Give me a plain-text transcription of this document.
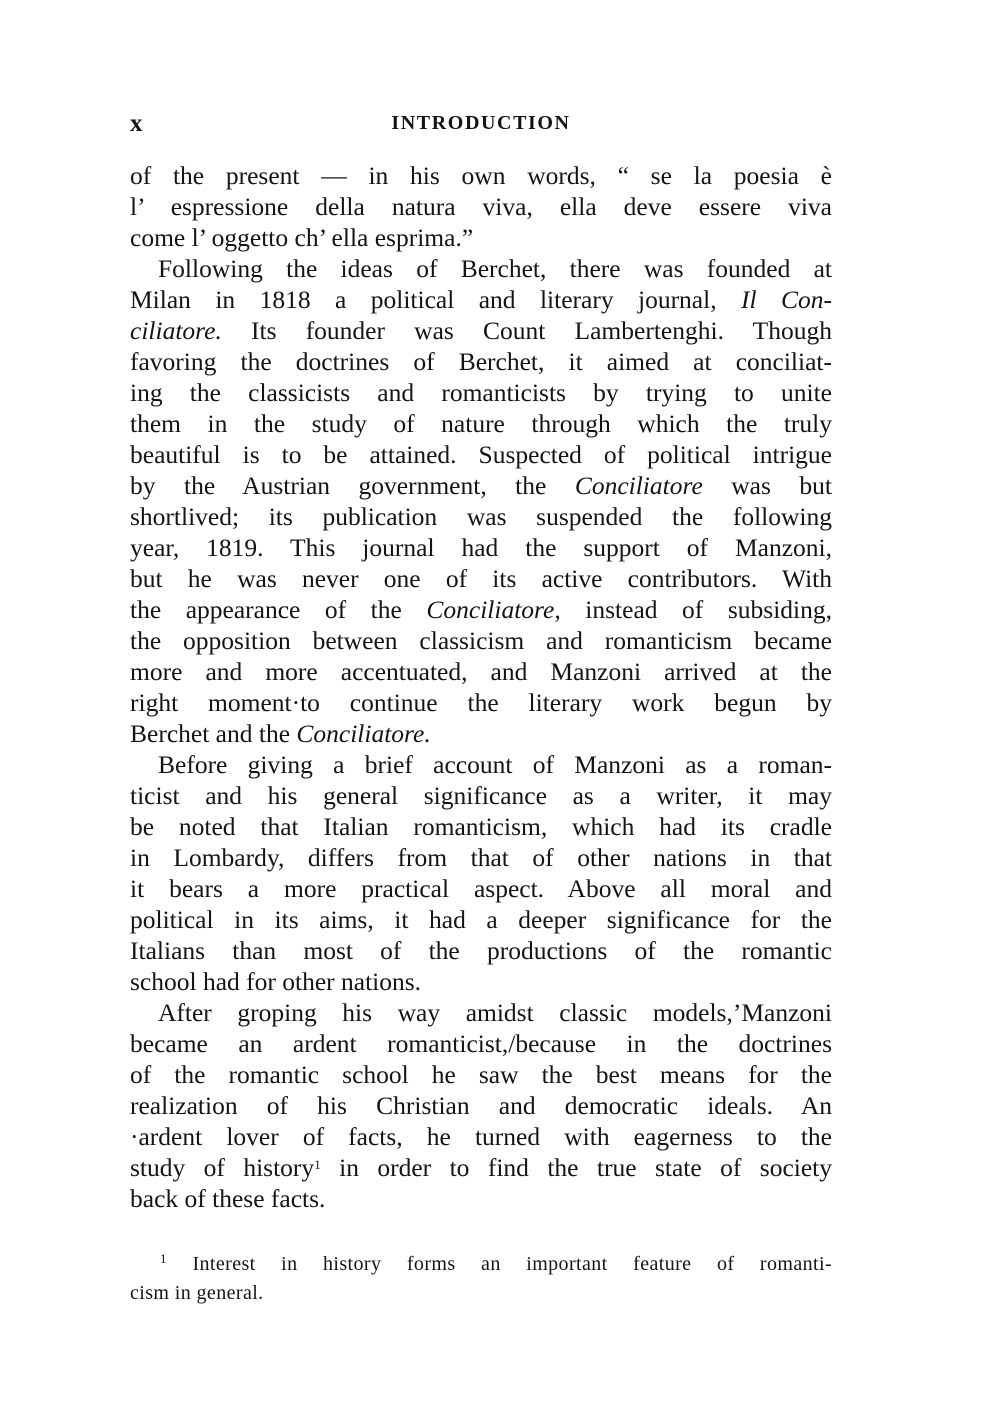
x	INTRODUCTION
of the present — in his own words, “ se la poesia è
l’ espressione della natura viva, ella deve essere viva
come l’ oggetto ch’ ella esprima.”
Following the ideas of Berchet, there was founded at
Milan in 1818 a political and literary journal, Il Con-
ciliatore. Its founder was Count Lambertenghi. Though
favoring the doctrines of Berchet, it aimed at conciliat-
ing the classicists and romanticists by trying to unite
them in the study of nature through which the truly
beautiful is to be attained. Suspected of political intrigue
by the Austrian government, the Conciliatore was but
shortlived; its publication was suspended the following
year, 1819. This journal had the support of Manzoni,
but he was never one of its active contributors. With
the appearance of the Conciliatore, instead of subsiding,
the opposition between classicism and romanticism became
more and more accentuated, and Manzoni arrived at the
right moment·to continue the literary work begun by
Berchet and the Conciliatore.
Before giving a brief account of Manzoni as a roman-
ticist and his general significance as a writer, it may
be noted that Italian romanticism, which had its cradle
in Lombardy, differs from that of other nations in that
it bears a more practical aspect. Above all moral and
political in its aims, it had a deeper significance for the
Italians than most of the productions of the romantic
school had for other nations.
After groping his way amidst classic models,’Manzoni
became an ardent romanticist,/because in the doctrines
of the romantic school he saw the best means for the
realization of his Christian and democratic ideals. An
·ardent lover of facts, he turned with eagerness to the
study of history$^1$ in order to find the true state of society
back of these facts.
$^1$ Interest in history forms an important feature of romanti-
cism in general.
